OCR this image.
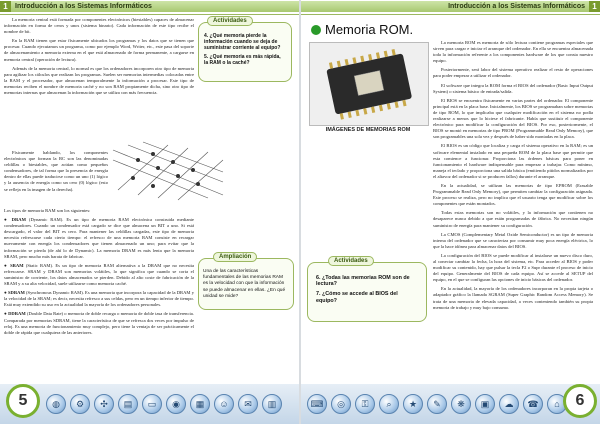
1	Introducción a los Sistemas Informáticos

La memoria central está formada por componentes electrónicos (biestables) capaces de almacenar información en forma de ceros y unos (sistema binario). Cada información de este tipo recibe el nombre de bit.

En la RAM tienen que estar físicamente ubicados los programas y los datos que se tienen que procesar. Cuando ejecutamos un programa, como por ejemplo Word, Writer, etc., este pasa del soporte de almacenamiento a memoria externa en el que está almacenado de forma permanente, a cargarse en memoria central (operación de lectura).

Además de la memoria central, lo normal es que los ordenadores incorporen otro tipo de memoria para agilizar los cálculos que realizan los programas. Suelen ser memorias intermedias colocadas entre la RAM y el procesador, que almacenan temporalmente la información a procesar. Este tipo de memorias reciben el nombre de memoria caché y no son RAM propiamente dicha, sino otro tipo de memorias internas que almacenan la información que se utiliza con más frecuencia.

Actividades
4. ¿Qué memoria pierde la información cuando se deja de suministrar corriente al equipo?
5. ¿Qué memoria es más rápida, la RAM o la caché?

Físicamente hablando, los componentes electrónicos que forman la RC son las denominadas celdillas o biestables, que actúan como pequeños condensadores, de tal forma que la presencia de energía dentro de ellas puede traducirse como un uno (1) lógico y la ausencia de energía como un cero (0) lógico (esto se refleja en la imagen de la derecha).

Los tipos de memoria RAM son los siguientes:

● DRAM (Dynamic RAM). Es un tipo de memoria RAM electrónica construida mediante condensadores. Cuando un condensador está cargado se dice que almacena un BIT a uno. Si está descargado, el valor del BIT es cero. Para mantener las celdillas cargadas, este tipo de memoria necesita refrescarse cada cierto tiempo: el refresco de una memoria RAM consiste en recargar nuevamente con energía los condensadores que tienen almacenado un uno; para evitar que la información se pierda (de ahí lo de Dynamic). La memoria DRAM es más lenta que la memoria SRAM, pero mucho más barata de fabricar.

● SRAM (Static RAM). Es un tipo de memoria RAM alternativa a la DRAM que no necesita refrescarse. SRAM y DRAM son memorias volátiles, lo que significa que cuando se corta el suministro de corriente, los datos almacenados se pierden. Debido al alto coste de fabricación de la SRAM y a su alta velocidad, suele utilizarse como memoria caché.

● SDRAM (Synchronous Dynamic RAM). Es una memoria que incorpora la capacidad de la DRAM y la velocidad de la SRAM; es decir, necesita refresco a sus celdas, pero en un tiempo inferior de tiempo. Está muy extendido su uso en la actualidad la mayoría de los ordenadores personales.

● DDRAM (Double Data Rate) o memoria de doble recarga o memoria de doble tasa de transferencia. Comparada por memorias SDRAM, tiene la característica de que se refresca dos veces por impulso de reloj. Es una memoria de funcionamiento muy complejo, pero tiene la ventaja de ser prácticamente el doble de rápida que cualquiera de las anteriores.

Ampliación
Una de las características fundamentales de las memorias RAM es la velocidad con que la información se puede almacenar en ellas. ¿En qué unidad se mide?
5	◍	⚙	✣	▤	▭	◉	▦	☺	✉	▥
Introducción a los Sistemas Informáticos 1
Memoria ROM.
IMÁGENES DE MEMORIAS ROM

La memoria ROM es memoria de sólo lectura contiene programas especiales que sirven para cargar e iniciar el arranque del ordenador. En ella se encuentra almacenada toda la información referente a los componentes hardware de los que consta nuestro equipo.

Posteriormente, será labor del sistema operativo realizar el resto de operaciones para poder empezar a utilizar el ordenador.

El software que integra la ROM forma el BIOS del ordenador (Basic Input Output System) o sistema básico de entrada/salida.

El BIOS se encuentra físicamente en varias partes del ordenador. El componente principal está en la placa base. Inicialmente, los BIOS se programaban sobre memorias de tipo ROM, lo que implicaba que cualquier modificación en el sistema no podía realizarse a menos que lo hiciese el fabricante. Había que sustituir el componente electrónico para modificar la configuración del BIOS. Por eso, posteriormente, el BIOS se montó en memorias de tipo PROM (Programmable Read Only Memory), que son programables una sola vez y después de haber sido montadas en la placa.

El BIOS es un código que localiza y carga el sistema operativo en la RAM; es un software elemental instalado en una pequeña ROM de la placa base que permite que esta comience a funcionar. Proporciona las órdenes básicas para poner en funcionamiento el hardware indispensable para empezar a trabajar. Como mínimo, maneja el teclado y proporciona una salida básica (emitiendo pitidos normalizados por el altavoz del ordenador si se producen fallos) durante el arranque.

En la actualidad, se utilizan las memorias de tipo EPROM (Erasable Programmable Read Only Memory), que permiten cambiar la configuración asignada. Este proceso se realiza, pero no implica que el usuario tenga que modificar sobre los componentes que están montados.

Todas estas memorias son no volátiles, y la información que contienen no desaparece nunca debido a que están programadas de fábrica. No necesitan ningún suministro de energía para mantener su configuración.

La CMOS (Complementary Metal Oxide Semiconductor) es un tipo de memoria interna del ordenador que se caracteriza por consumir muy poca energía eléctrica, lo que la hace idónea para almacenar datos del BIOS.

La configuración del BIOS se puede modificar al instalarse un nuevo disco duro, al conectar cambiar la fecha, la hora del sistema, etc. Para acceder al BIOS y poder modificar su contenido, hay que pulsar la tecla F2 o Supr durante el proceso de inicio del equipo. Generalmente del BIOS de cada equipo. Así se accede al SETUP del equipo, en el que se configuran las opciones de inicio básicas del ordenador.

En la actualidad, la mayoría de los ordenadores incorporan en la propia tarjeta o adaptador gráfico la llamada SGRAM (Super Graphic Random Access Memory). Se trata de una memoria de elevada capacidad, a veces conteniendo también su propia memoria de trabajo y muy bajo consumo.

Actividades
6. ¿Todas las memorias ROM son de lectura?
7. ¿Cómo se accede al BIOS del equipo?
⌨	◎	⚿	⌕	★	✎	❋	▣	☁	☎	⌂ 6
